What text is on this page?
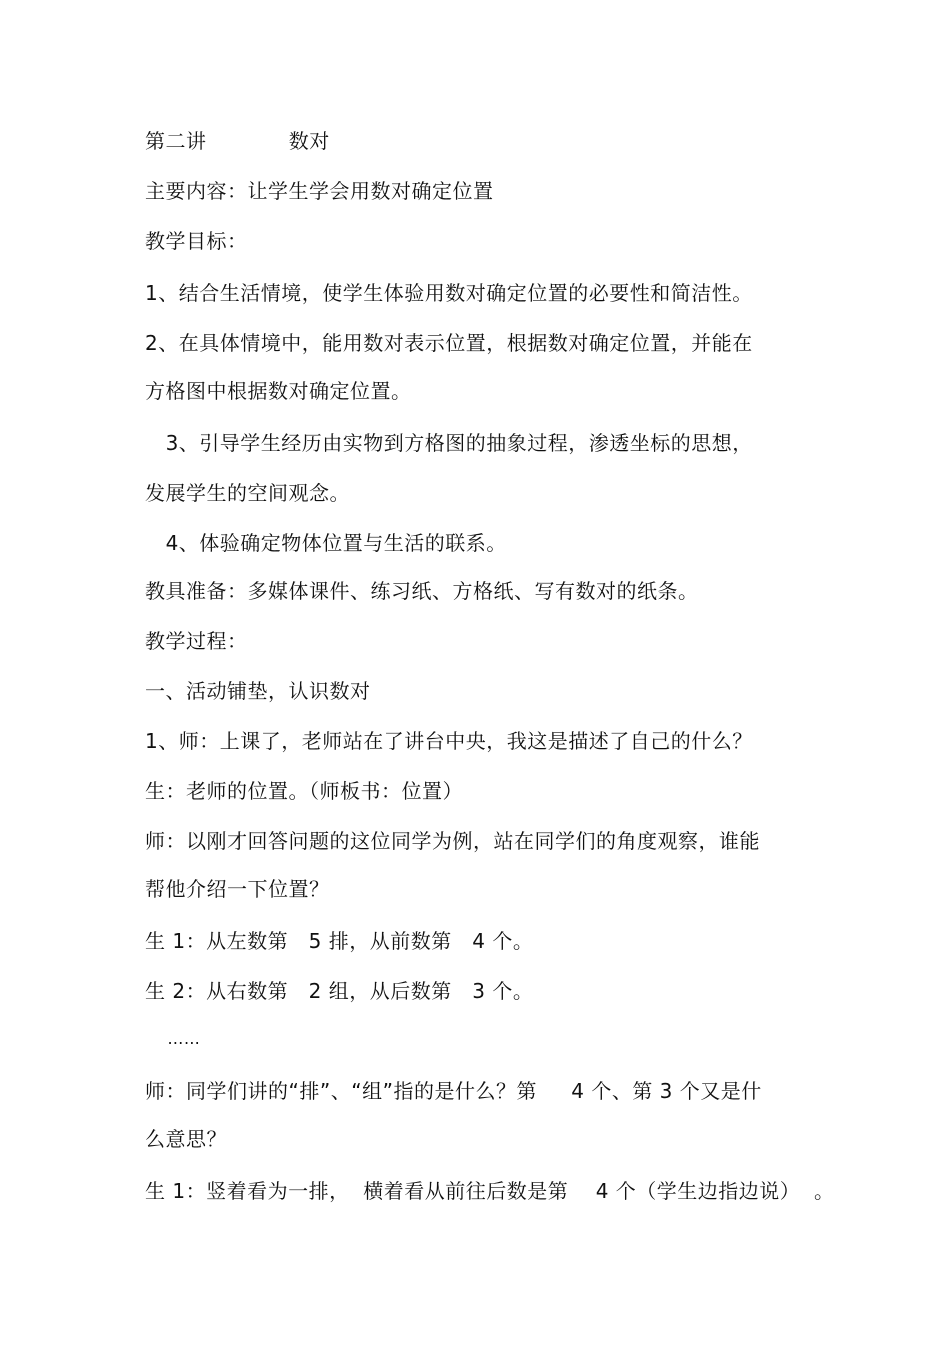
第二讲            数对
主要内容：让学生学会用数对确定位置
教学目标：
1、结合生活情境，使学生体验用数对确定位置的必要性和简洁性。
2、在具体情境中，能用数对表示位置，根据数对确定位置，并能在
方格图中根据数对确定位置。
3、引导学生经历由实物到方格图的抽象过程，渗透坐标的思想，
发展学生的空间观念。
4、体验确定物体位置与生活的联系。
教具准备：多媒体课件、练习纸、方格纸、写有数对的纸条。
教学过程：
一、活动铺垫，认识数对
1、师：上课了，老师站在了讲台中央，我这是描述了自己的什么？
生：老师的位置。（师板书：位置）
师：以刚才回答问题的这位同学为例，站在同学们的角度观察，谁能
帮他介绍一下位置？
生 1：从左数第   5 排，从前数第   4 个。
生 2：从右数第   2 组，从后数第   3 个。
……
师：同学们讲的“排”、“组”指的是什么？第     4 个、第 3 个又是什
么意思？
生 1：竖着看为一排，  横着看从前往后数是第    4 个（学生边指边说）  。
